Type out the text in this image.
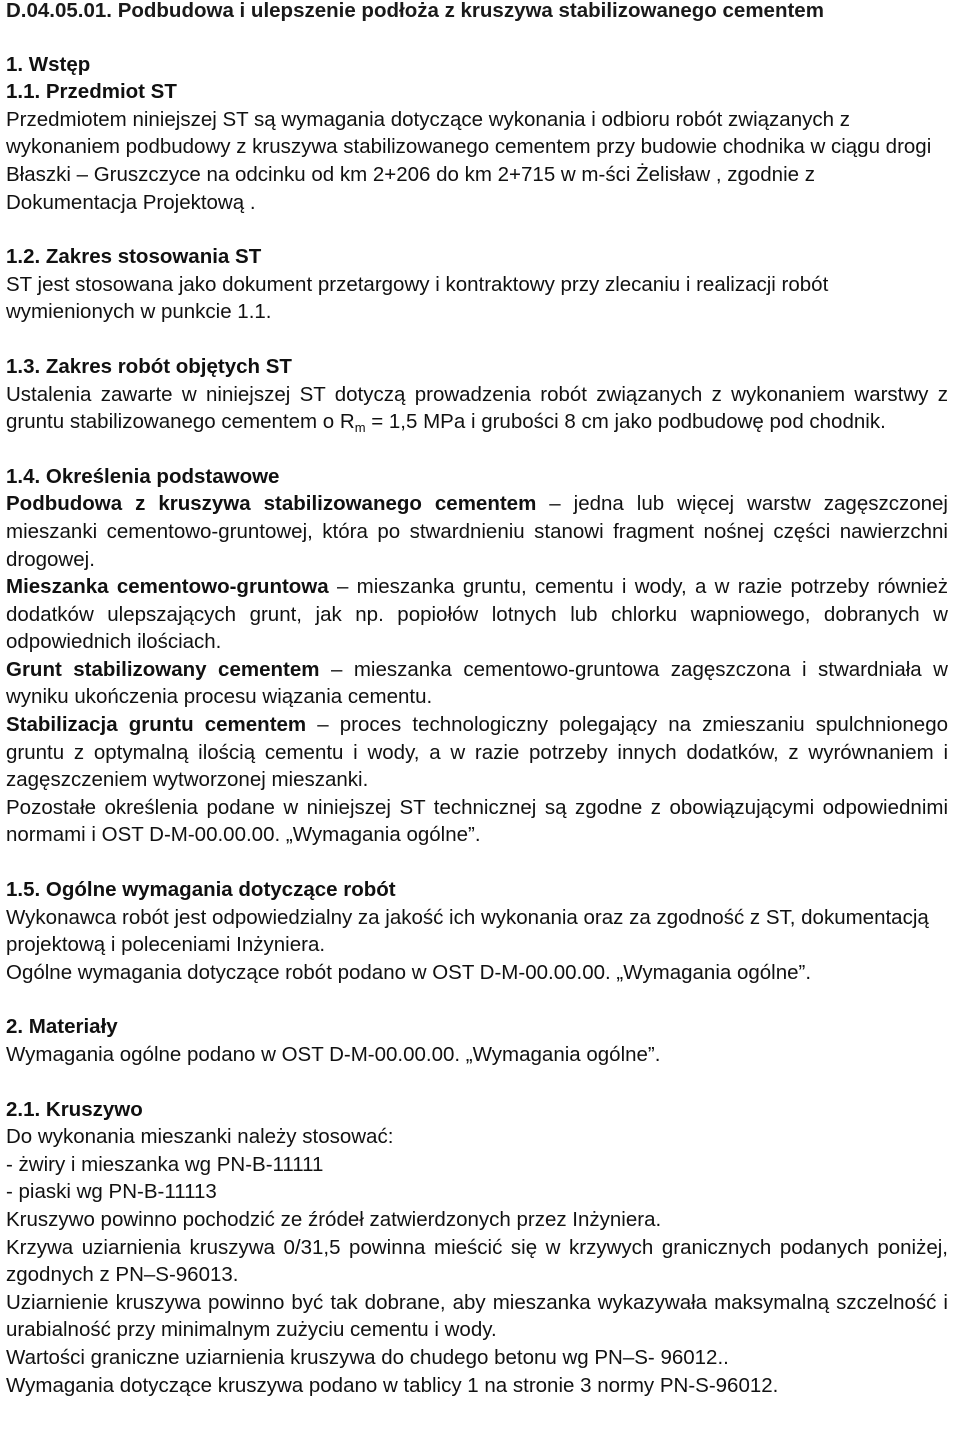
D.04.05.01. Podbudowa i ulepszenie podłoża z kruszywa stabilizowanego cementem

1. Wstęp

1.1. Przedmiot ST

Przedmiotem niniejszej ST są wymagania dotyczące wykonania i odbioru robót związanych z wykonaniem podbudowy z kruszywa stabilizowanego cementem przy budowie chodnika w ciągu drogi Błaszki – Gruszczyce na odcinku od km 2+206 do km 2+715 w m-ści Żelisław , zgodnie z Dokumentacja Projektową .

1.2. Zakres stosowania ST

ST jest stosowana jako dokument przetargowy i kontraktowy przy zlecaniu i realizacji robót wymienionych w punkcie 1.1.

1.3. Zakres robót objętych ST

Ustalenia zawarte w niniejszej ST dotyczą prowadzenia robót związanych z wykonaniem warstwy z gruntu stabilizowanego cementem o $R_m = 1,5$ MPa i grubości 8 cm jako podbudowę pod chodnik.

1.4. Określenia podstawowe

Podbudowa z kruszywa stabilizowanego cementem – jedna lub więcej warstw zagęszczonej mieszanki cementowo-gruntowej, która po stwardnieniu stanowi fragment nośnej części nawierzchni drogowej.

Mieszanka cementowo-gruntowa – mieszanka gruntu, cementu i wody, a w razie potrzeby również dodatków ulepszających grunt, jak np. popiołów lotnych lub chlorku wapniowego, dobranych w odpowiednich ilościach.

Grunt stabilizowany cementem – mieszanka cementowo-gruntowa zagęszczona i stwardniała w wyniku ukończenia procesu wiązania cementu.

Stabilizacja gruntu cementem – proces technologiczny polegający na zmieszaniu spulchnionego gruntu z optymalną ilością cementu i wody, a w razie potrzeby innych dodatków, z wyrównaniem i zagęszczeniem wytworzonej mieszanki.

Pozostałe określenia podane w niniejszej ST technicznej są zgodne z obowiązującymi odpowiednimi normami i OST D-M-00.00.00. „Wymagania ogólne”.

1.5. Ogólne wymagania dotyczące robót

Wykonawca robót jest odpowiedzialny za jakość ich wykonania oraz za zgodność z ST, dokumentacją projektową i poleceniami Inżyniera.

Ogólne wymagania dotyczące robót podano w OST D-M-00.00.00. „Wymagania ogólne”.

2. Materiały

Wymagania ogólne podano w OST D-M-00.00.00. „Wymagania ogólne”.

2.1. Kruszywo

Do wykonania mieszanki należy stosować:

- żwiry i mieszanka wg PN-B-11111

- piaski wg PN-B-11113

Kruszywo powinno pochodzić ze źródeł zatwierdzonych przez Inżyniera.

Krzywa uziarnienia kruszywa 0/31,5 powinna mieścić się w krzywych granicznych podanych poniżej, zgodnych z PN–S-96013.

Uziarnienie kruszywa powinno być tak dobrane, aby mieszanka wykazywała maksymalną szczelność i urabialność przy minimalnym zużyciu cementu i wody.

Wartości graniczne uziarnienia kruszywa do chudego betonu wg PN–S- 96012..

Wymagania dotyczące kruszywa podano w tablicy 1 na stronie 3 normy PN-S-96012.
